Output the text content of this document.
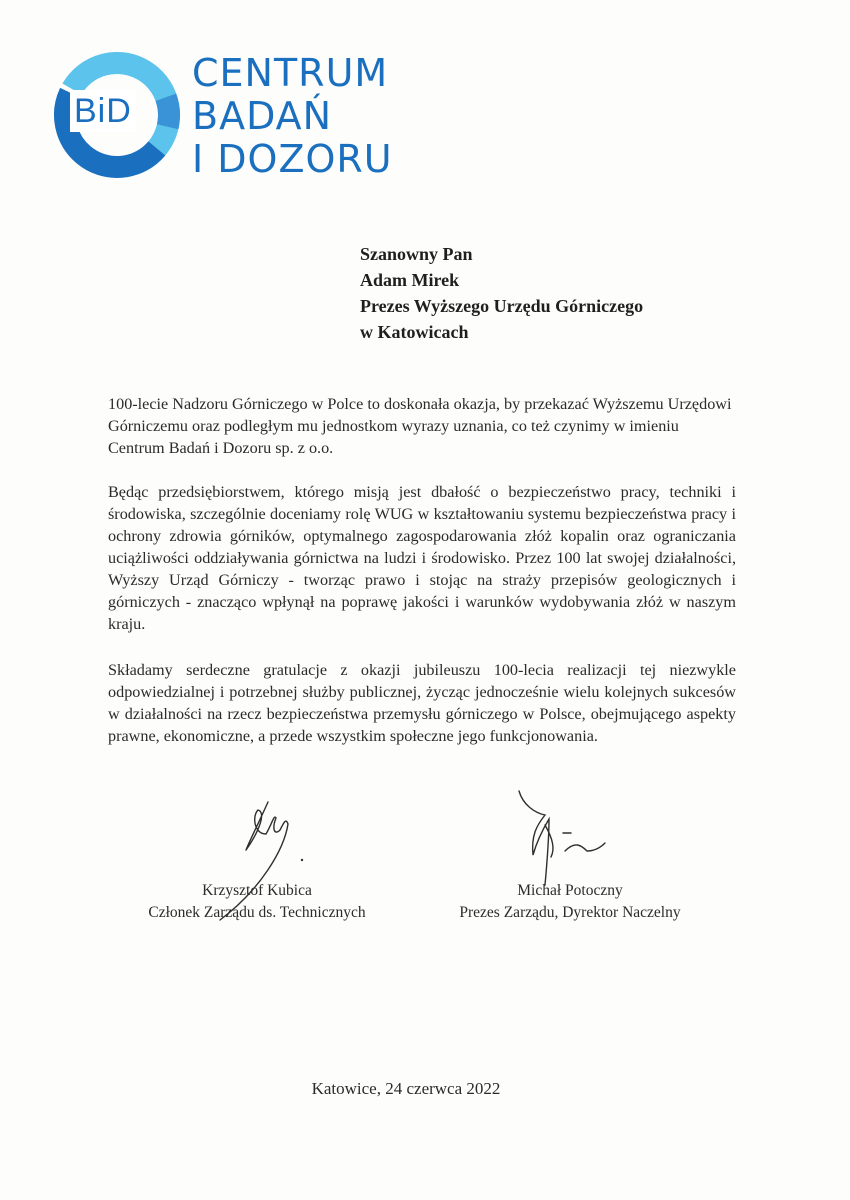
BiD
CENTRUM
BADAŃ
I DOZORU
Szanowny Pan
Adam Mirek
Prezes Wyższego Urzędu Górniczego
w Katowicach

100-lecie Nadzoru Górniczego w Polce to doskonała okazja, by przekazać Wyższemu Urzędowi Górniczemu oraz podległym mu jednostkom wyrazy uznania, co też czynimy w imieniu Centrum Badań i Dozoru sp. z o.o.

Będąc przedsiębiorstwem, którego misją jest dbałość o bezpieczeństwo pracy, techniki i środowiska, szczególnie doceniamy rolę WUG w kształtowaniu systemu bezpieczeństwa pracy i ochrony zdrowia górników, optymalnego zagospodarowania złóż kopalin oraz ograniczania uciążliwości oddziaływania górnictwa na ludzi i środowisko. Przez 100 lat swojej działalności, Wyższy Urząd Górniczy - tworząc prawo i stojąc na straży przepisów geologicznych i górniczych - znacząco wpłynął na poprawę jakości i warunków wydobywania złóż w naszym kraju.

Składamy serdeczne gratulacje z okazji jubileuszu 100-lecia realizacji tej niezwykle odpowiedzialnej i potrzebnej służby publicznej, życząc jednocześnie wielu kolejnych sukcesów w działalności na rzecz bezpieczeństwa przemysłu górniczego w Polsce, obejmującego aspekty prawne, ekonomiczne, a przede wszystkim społeczne jego funkcjonowania.

Krzysztof Kubica
Członek Zarządu ds. Technicznych
Michał Potoczny
Prezes Zarządu, Dyrektor Naczelny
Katowice, 24 czerwca 2022
